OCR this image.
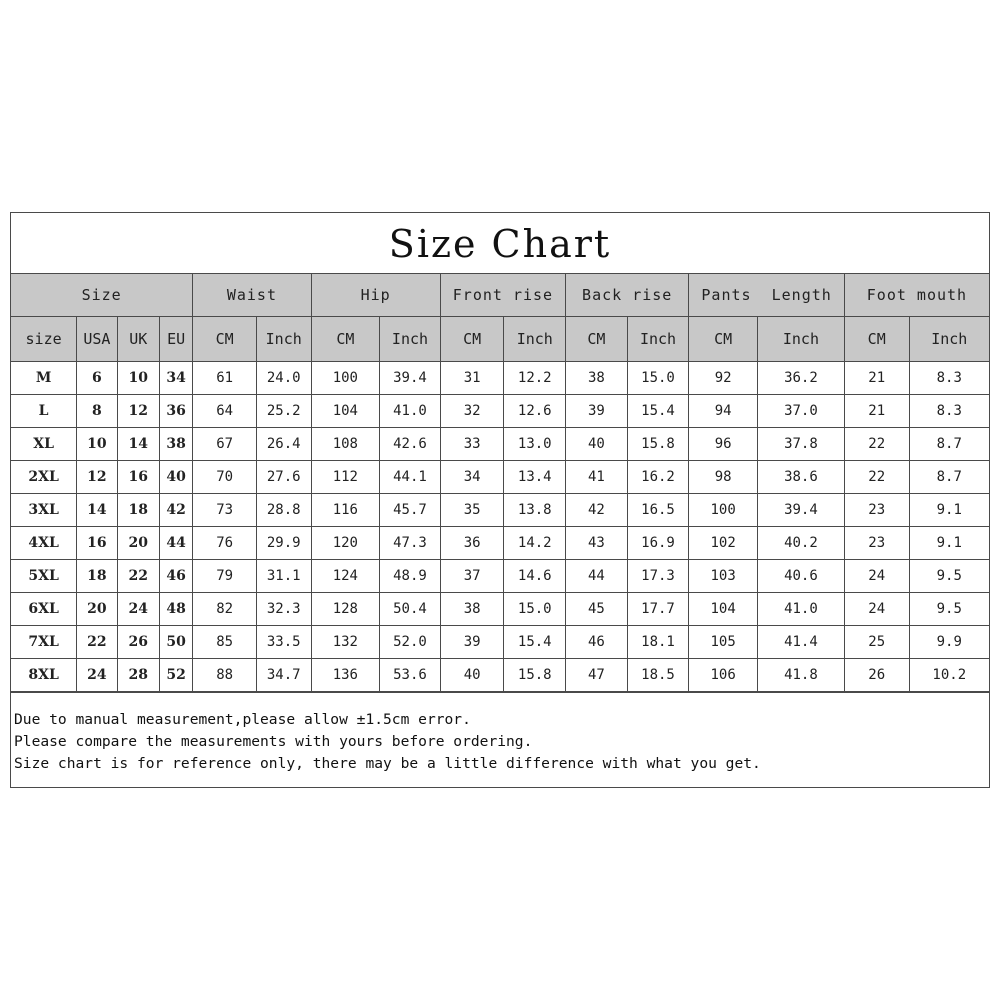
Size Chart
Size				Waist		Hip		Front rise		Back rise		Pants  Length		Foot mouth	
size	USA	UK	EU	CM	Inch	CM	Inch	CM	Inch	CM	Inch	CM	Inch	CM	Inch
M	6	10	34	61	24.0	100	39.4	31	12.2	38	15.0	92	36.2	21	8.3
L	8	12	36	64	25.2	104	41.0	32	12.6	39	15.4	94	37.0	21	8.3
XL	10	14	38	67	26.4	108	42.6	33	13.0	40	15.8	96	37.8	22	8.7
2XL	12	16	40	70	27.6	112	44.1	34	13.4	41	16.2	98	38.6	22	8.7
3XL	14	18	42	73	28.8	116	45.7	35	13.8	42	16.5	100	39.4	23	9.1
4XL	16	20	44	76	29.9	120	47.3	36	14.2	43	16.9	102	40.2	23	9.1
5XL	18	22	46	79	31.1	124	48.9	37	14.6	44	17.3	103	40.6	24	9.5
6XL	20	24	48	82	32.3	128	50.4	38	15.0	45	17.7	104	41.0	24	9.5
7XL	22	26	50	85	33.5	132	52.0	39	15.4	46	18.1	105	41.4	25	9.9
8XL	24	28	52	88	34.7	136	53.6	40	15.8	47	18.5	106	41.8	26	10.2
Due to manual measurement,please allow ±1.5cm error.
Please compare the measurements with yours before ordering.
Size chart is for reference only, there may be a little difference with what you get.
